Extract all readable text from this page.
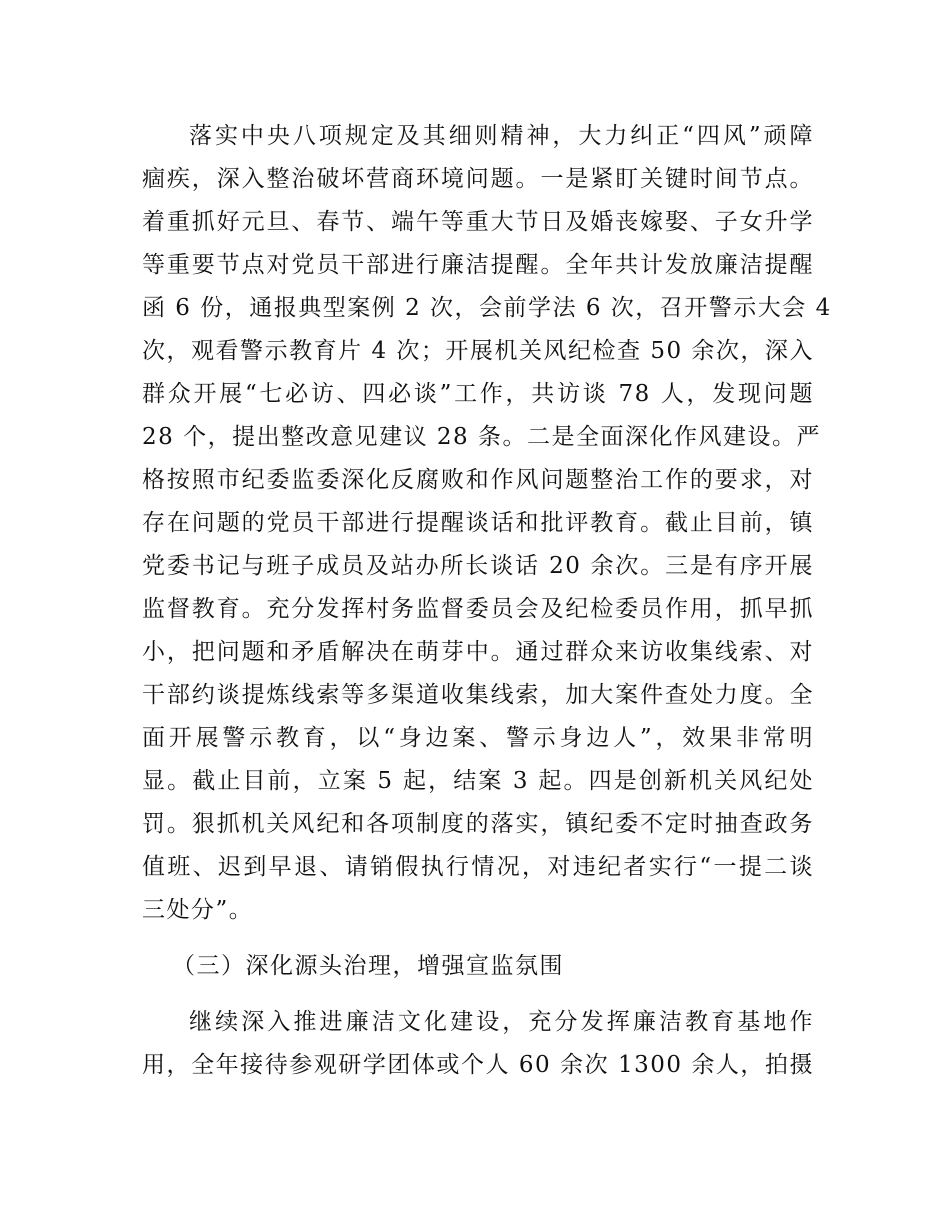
落实中央八项规定及其细则精神，大力纠正“四风”顽障
痼疾，深入整治破坏营商环境问题。一是紧盯关键时间节点。
着重抓好元旦、春节、端午等重大节日及婚丧嫁娶、子女升学
等重要节点对党员干部进行廉洁提醒。全年共计发放廉洁提醒
函 6 份，通报典型案例 2 次，会前学法 6 次，召开警示大会 4
次，观看警示教育片 4 次；开展机关风纪检查 50 余次，深入
群众开展“七必访、四必谈”工作，共访谈 78 人，发现问题
28 个，提出整改意见建议 28 条。二是全面深化作风建设。严
格按照市纪委监委深化反腐败和作风问题整治工作的要求，对
存在问题的党员干部进行提醒谈话和批评教育。截止目前，镇
党委书记与班子成员及站办所长谈话 20 余次。三是有序开展
监督教育。充分发挥村务监督委员会及纪检委员作用，抓早抓
小，把问题和矛盾解决在萌芽中。通过群众来访收集线索、对
干部约谈提炼线索等多渠道收集线索，加大案件查处力度。全
面开展警示教育，以“身边案、警示身边人”，效果非常明
显。截止目前，立案 5 起，结案 3 起。四是创新机关风纪处
罚。狠抓机关风纪和各项制度的落实，镇纪委不定时抽查政务
值班、迟到早退、请销假执行情况，对违纪者实行“一提二谈
三处分”。
（三）深化源头治理，增强宣监氛围
继续深入推进廉洁文化建设，充分发挥廉洁教育基地作
用，全年接待参观研学团体或个人 60 余次 1300 余人，拍摄
